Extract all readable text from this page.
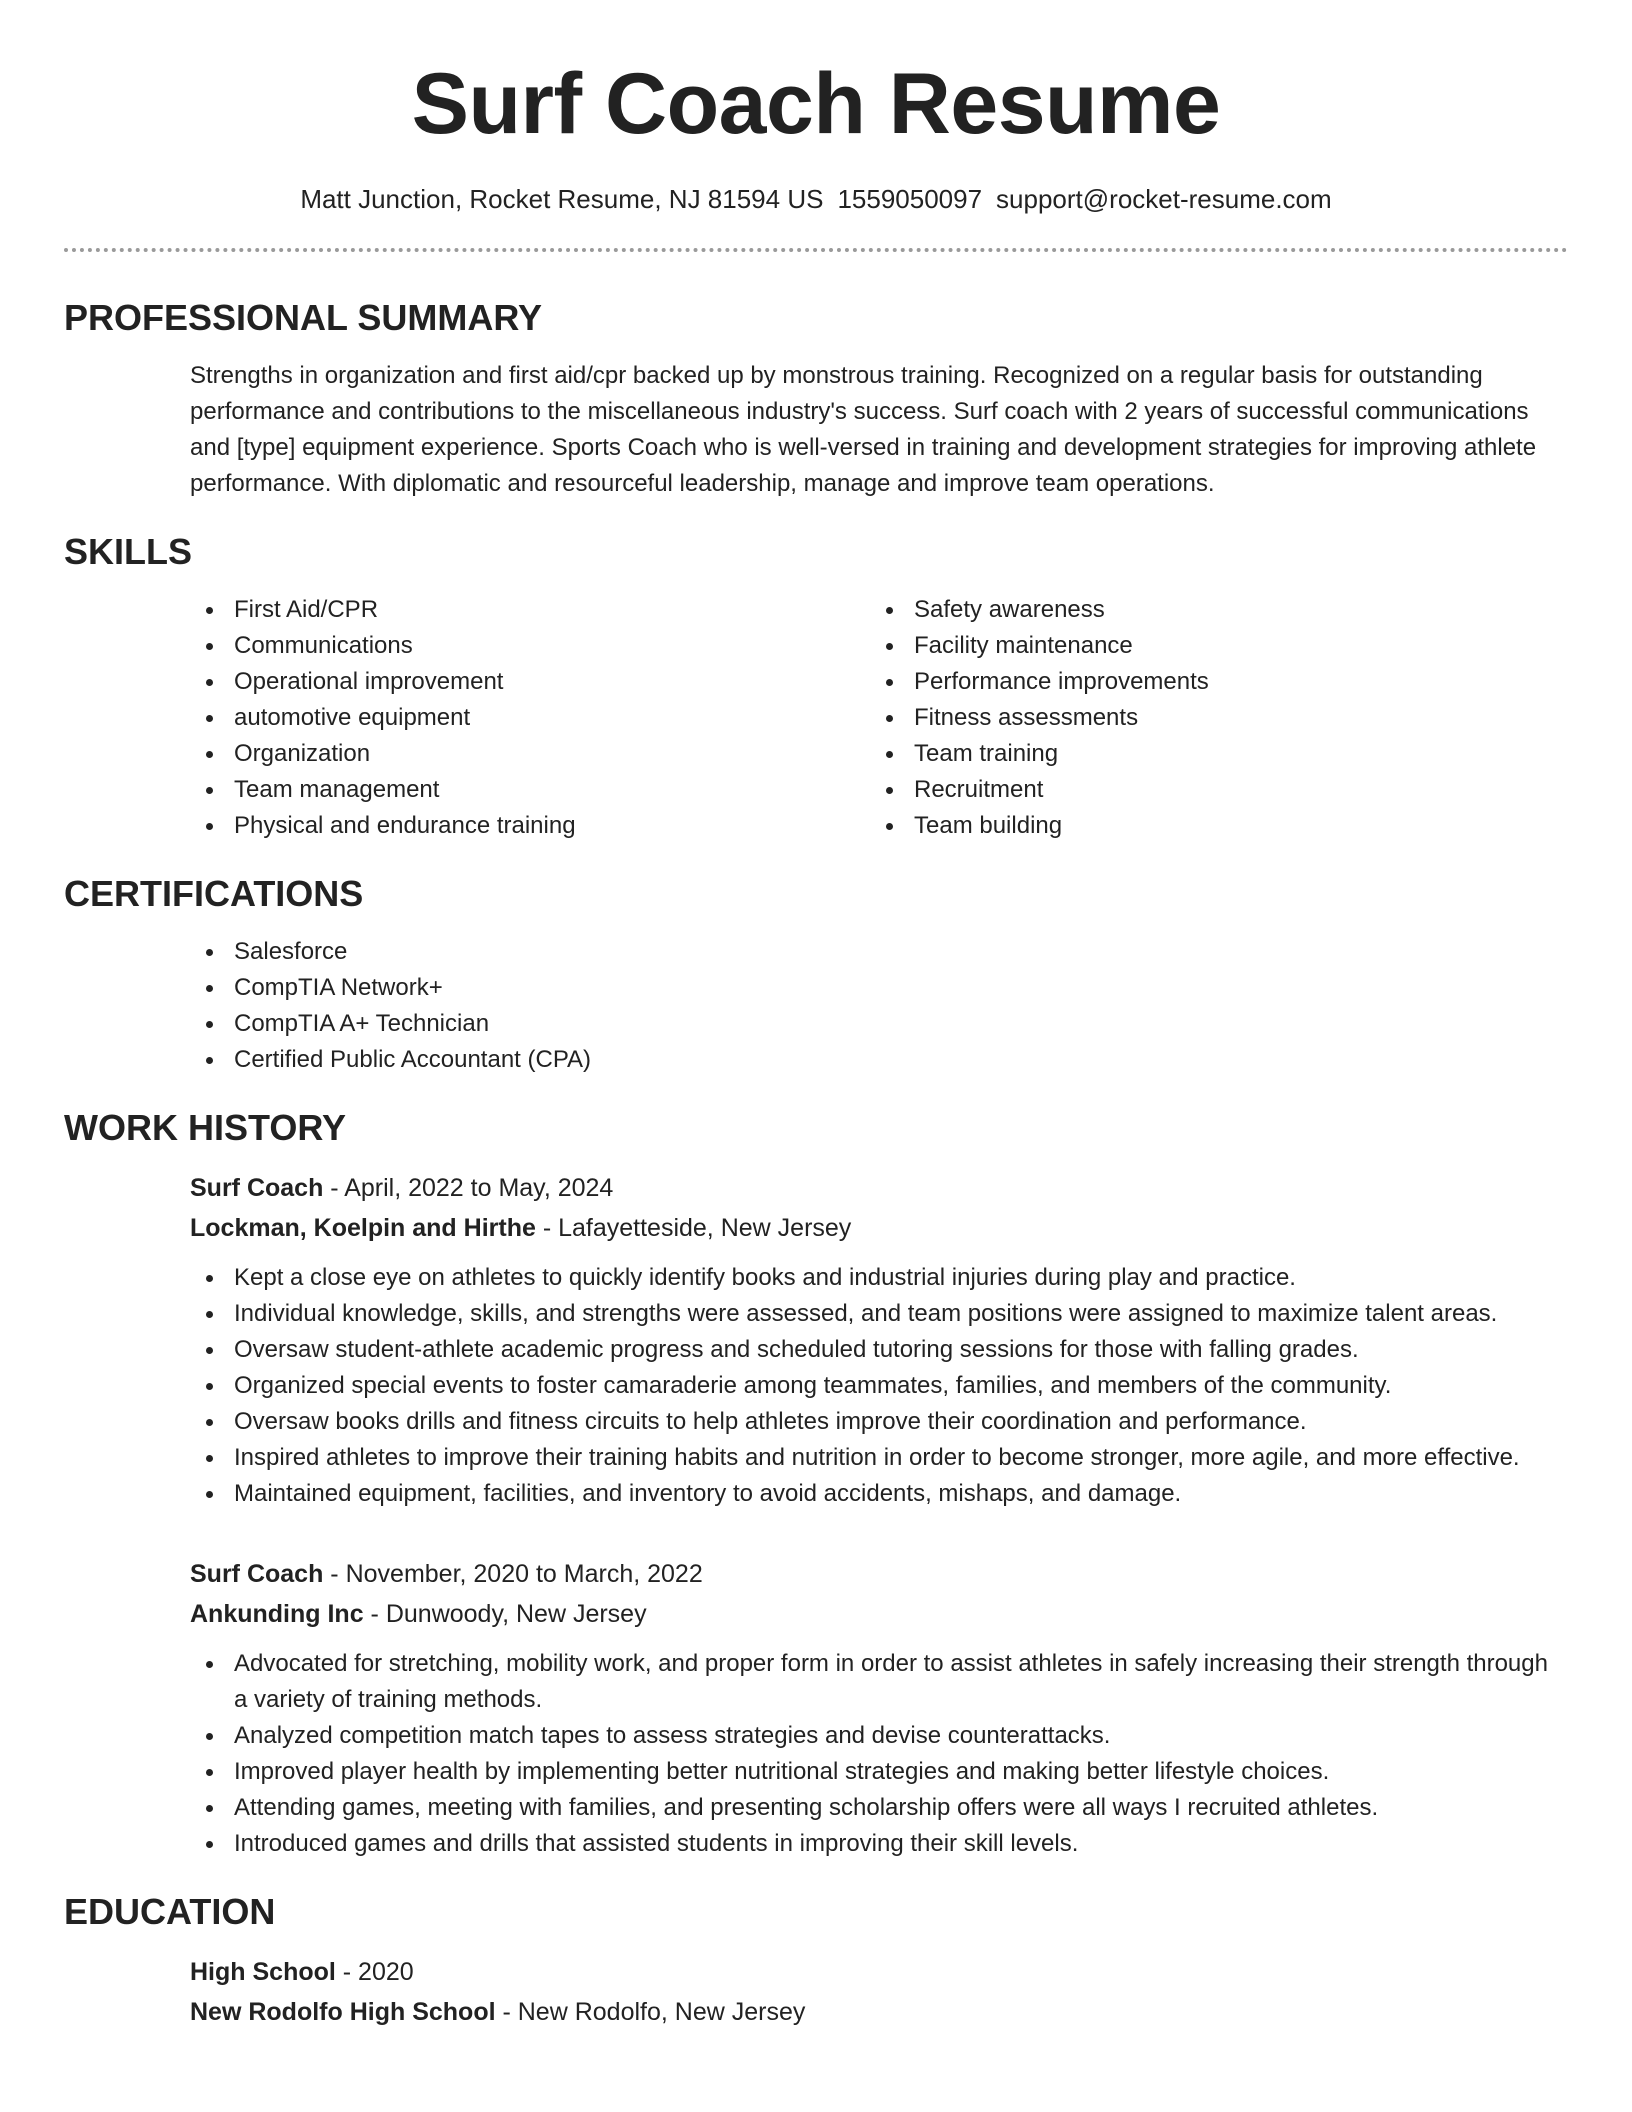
Surf Coach Resume
Matt Junction, Rocket Resume, NJ 81594 US 1559050097 support@rocket-resume.com
PROFESSIONAL SUMMARY

Strengths in organization and first aid/cpr backed up by monstrous training. Recognized on a regular basis for outstanding performance and contributions to the miscellaneous industry's success. Surf coach with 2 years of successful communications and [type] equipment experience. Sports Coach who is well-versed in training and development strategies for improving athlete performance. With diplomatic and resourceful leadership, manage and improve team operations.

SKILLS
First Aid/CPR
Communications
Operational improvement
automotive equipment
Organization
Team management
Physical and endurance training
Safety awareness
Facility maintenance
Performance improvements
Fitness assessments
Team training
Recruitment
Team building
CERTIFICATIONS
Salesforce
CompTIA Network+
CompTIA A+ Technician
Certified Public Accountant (CPA)
WORK HISTORY
Surf Coach - April, 2022 to May, 2024
Lockman, Koelpin and Hirthe - Lafayetteside, New Jersey
Kept a close eye on athletes to quickly identify books and industrial injuries during play and practice.
Individual knowledge, skills, and strengths were assessed, and team positions were assigned to maximize talent areas.
Oversaw student-athlete academic progress and scheduled tutoring sessions for those with falling grades.
Organized special events to foster camaraderie among teammates, families, and members of the community.
Oversaw books drills and fitness circuits to help athletes improve their coordination and performance.
Inspired athletes to improve their training habits and nutrition in order to become stronger, more agile, and more effective.
Maintained equipment, facilities, and inventory to avoid accidents, mishaps, and damage.
Surf Coach - November, 2020 to March, 2022
Ankunding Inc - Dunwoody, New Jersey
Advocated for stretching, mobility work, and proper form in order to assist athletes in safely increasing their strength through a variety of training methods.
Analyzed competition match tapes to assess strategies and devise counterattacks.
Improved player health by implementing better nutritional strategies and making better lifestyle choices.
Attending games, meeting with families, and presenting scholarship offers were all ways I recruited athletes.
Introduced games and drills that assisted students in improving their skill levels.
EDUCATION
High School - 2020
New Rodolfo High School - New Rodolfo, New Jersey
